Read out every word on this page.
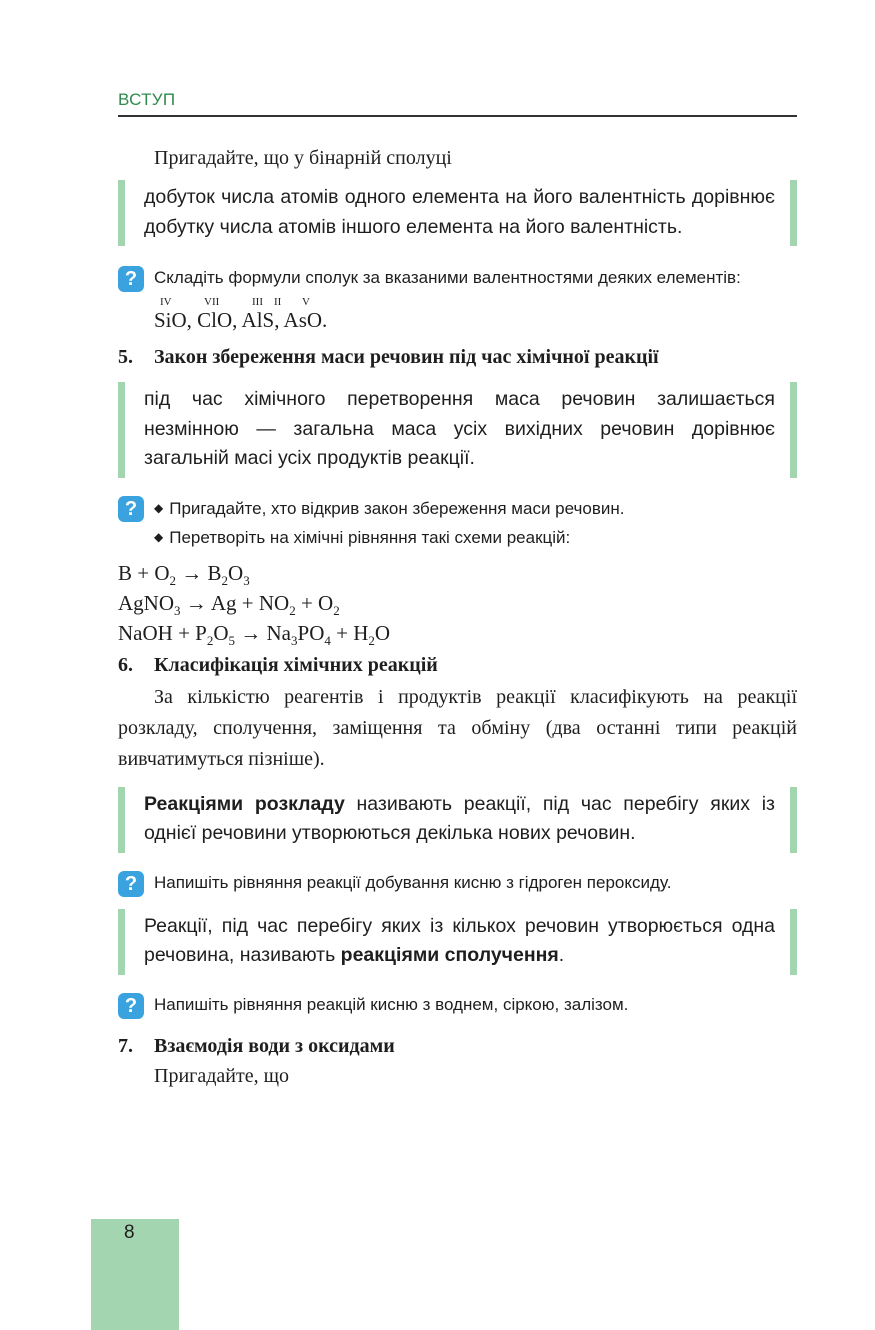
ВСТУП

Пригадайте, що у бінарній сполуці

добуток числа атомів одного елемента на його валентність дорівнює добутку числа атомів іншого елемента на його валентність.
? Складіть формули сполук за вказаними валентностями деяких елементів:

IV	VII	III II V
SiO, ClO, AlS, AsO.

5. Закон збереження маси речовин під час хімічної реакції

під час хімічного перетворення маса речовин залишається незмінною — загальна маса усіх вихідних речовин дорівнює загальній масі усіх продуктів реакції.
?	◆ Пригадайте, хто відкрив закон збереження маси речовин.

◆ Перетворіть на хімічні рівняння такі схеми реакцій:

$B + O_2 \to B_2O_3$

AgNO$_3$ → $Ag + NO_2 + O_2$

NaOH + $P_2O_5 \to Na_3PO_4 + H_2O$

6. Класифікація хімічних реакцій

За кількістю реагентів і продуктів реакції класифікують на реакції розкладу, сполучення, заміщення та обміну (два останні типи реакцій вивчатимуться пізніше).

Реакціями розкладу називають реакції, під час перебігу яких із однієї речовини утворюються декілька нових речовин.
? Напишіть рівняння реакції добування кисню з гідроген пероксиду.

Реакції, під час перебігу яких із кількох речовин утворюється одна речовина, називають реакціями сполучення.
? Напишіть рівняння реакцій кисню з воднем, сіркою, залізом.

7. Взаємодія води з оксидами

Пригадайте, що

8
